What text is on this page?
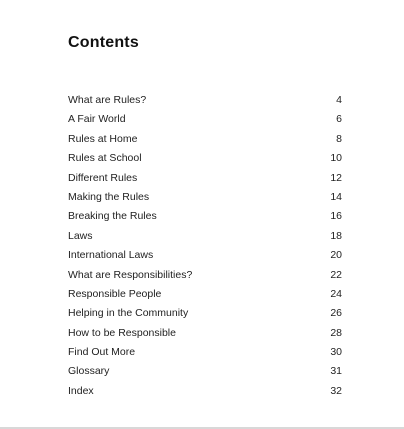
Contents
What are Rules?	4
A Fair World	6
Rules at Home	8
Rules at School	10
Different Rules	12
Making the Rules	14
Breaking the Rules	16
Laws	18
International Laws	20
What are Responsibilities?	22
Responsible People	24
Helping in the Community	26
How to be Responsible	28
Find Out More	30
Glossary	31
Index	32
